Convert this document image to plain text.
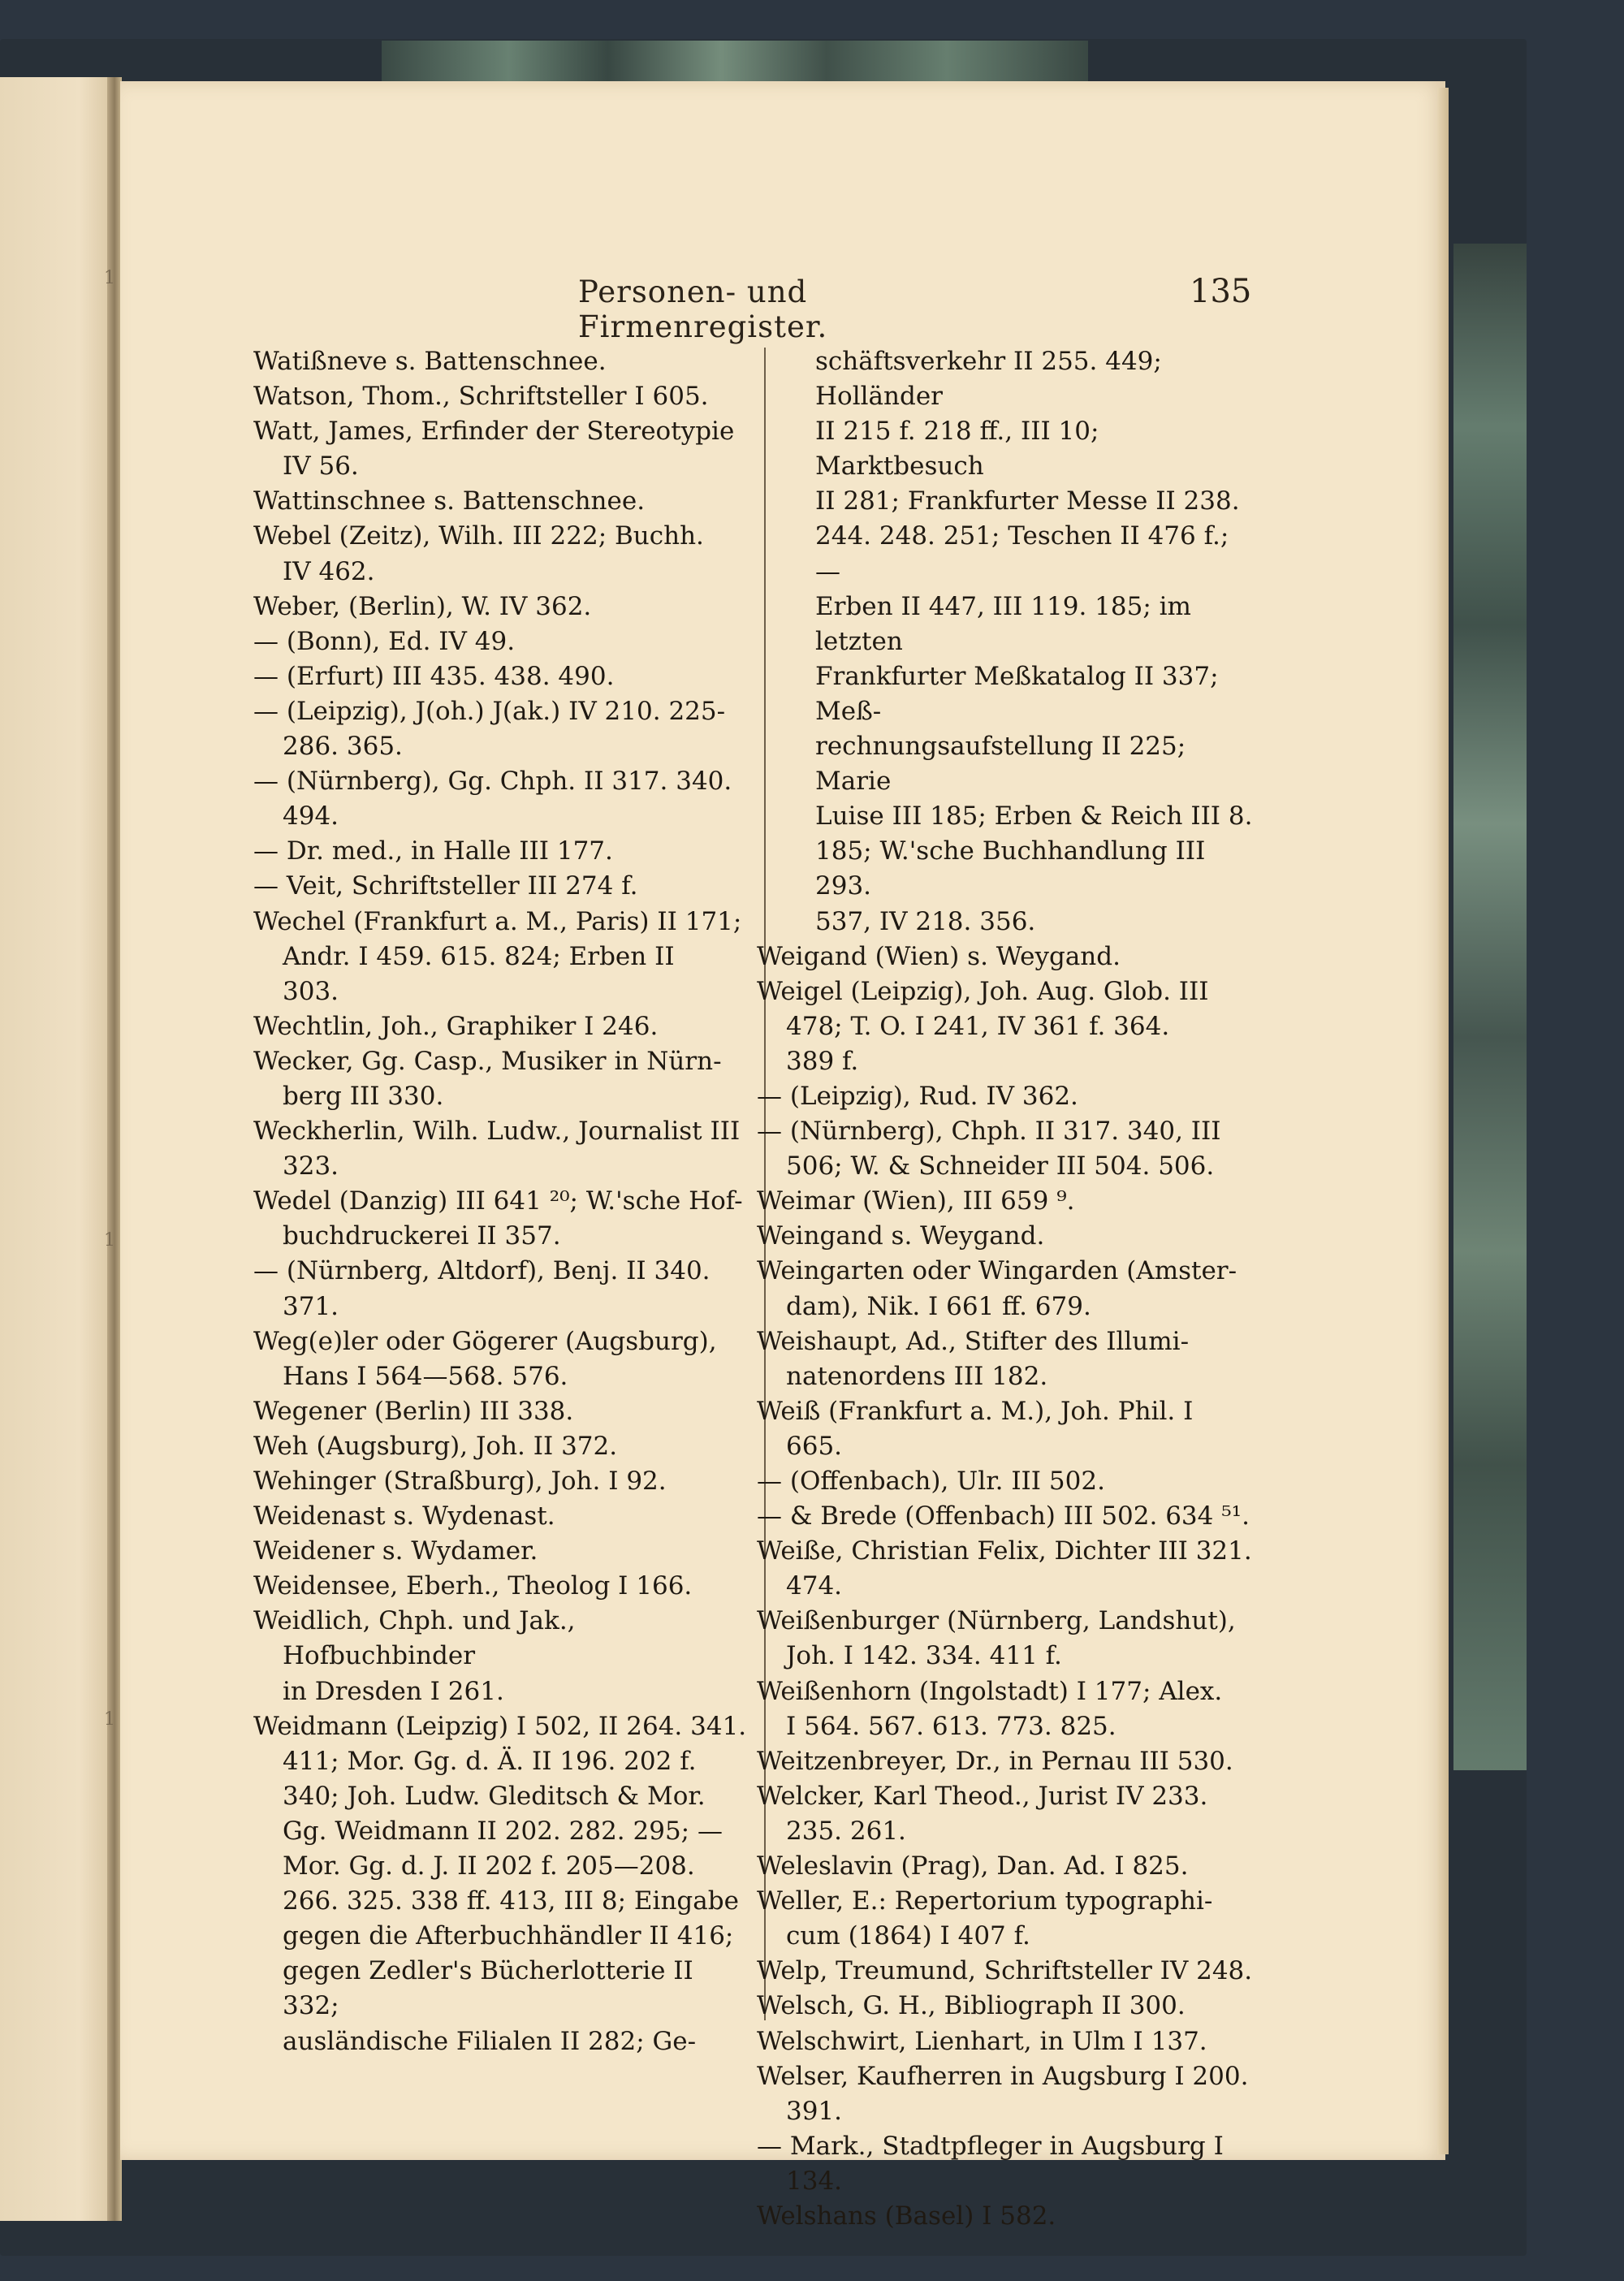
1
1
1
Personen- und Firmenregister.
135
Watißneve s. Battenschnee.
Watson, Thom., Schriftsteller I 605.
Watt, James, Erfinder der Stereotypie
IV 56.
Wattinschnee s. Battenschnee.
Webel (Zeitz), Wilh. III 222; Buchh.
IV 462.
Weber, (Berlin), W. IV 362.
— (Bonn), Ed. IV 49.
— (Erfurt) III 435. 438. 490.
— (Leipzig), J(oh.) J(ak.) IV 210. 225-
286. 365.
— (Nürnberg), Gg. Chph. II 317. 340.
494.
— Dr. med., in Halle III 177.
— Veit, Schriftsteller III 274 f.
Wechel (Frankfurt a. M., Paris) II 171;
Andr. I 459. 615. 824; Erben II
303.
Wechtlin, Joh., Graphiker I 246.
Wecker, Gg. Casp., Musiker in Nürn-
berg III 330.
Weckherlin, Wilh. Ludw., Journalist III
323.
Wedel (Danzig) III 641 ²⁰; W.'sche Hof-
buchdruckerei II 357.
— (Nürnberg, Altdorf), Benj. II 340.
371.
Weg(e)ler oder Gögerer (Augsburg),
Hans I 564—568. 576.
Wegener (Berlin) III 338.
Weh (Augsburg), Joh. II 372.
Wehinger (Straßburg), Joh. I 92.
Weidenast s. Wydenast.
Weidener s. Wydamer.
Weidensee, Eberh., Theolog I 166.
Weidlich, Chph. und Jak., Hofbuchbinder
in Dresden I 261.
Weidmann (Leipzig) I 502, II 264. 341.
411; Mor. Gg. d. Ä. II 196. 202 f.
340; Joh. Ludw. Gleditsch & Mor.
Gg. Weidmann II 202. 282. 295; —
Mor. Gg. d. J. II 202 f. 205—208.
266. 325. 338 ff. 413, III 8; Eingabe
gegen die Afterbuchhändler II 416;
gegen Zedler's Bücherlotterie II 332;
ausländische Filialen II 282; Ge-
schäftsverkehr II 255. 449; Holländer
II 215 f. 218 ff., III 10; Marktbesuch
II 281; Frankfurter Messe II 238.
244. 248. 251; Teschen II 476 f.; —
Erben II 447, III 119. 185; im letzten
Frankfurter Meßkatalog II 337; Meß-
rechnungsaufstellung II 225; Marie
Luise III 185; Erben & Reich III 8.
185; W.'sche Buchhandlung III 293.
537, IV 218. 356.
Weigand (Wien) s. Weygand.
Weigel (Leipzig), Joh. Aug. Glob. III
478; T. O. I 241, IV 361 f. 364.
389 f.
— (Leipzig), Rud. IV 362.
— (Nürnberg), Chph. II 317. 340, III
506; W. & Schneider III 504. 506.
Weimar (Wien), III 659 ⁹.
Weingand s. Weygand.
Weingarten oder Wingarden (Amster-
dam), Nik. I 661 ff. 679.
Weishaupt, Ad., Stifter des Illumi-
natenordens III 182.
Weiß (Frankfurt a. M.), Joh. Phil. I
665.
— (Offenbach), Ulr. III 502.
— & Brede (Offenbach) III 502. 634 ⁵¹.
Weiße, Christian Felix, Dichter III 321.
474.
Weißenburger (Nürnberg, Landshut),
Joh. I 142. 334. 411 f.
Weißenhorn (Ingolstadt) I 177; Alex.
I 564. 567. 613. 773. 825.
Weitzenbreyer, Dr., in Pernau III 530.
Welcker, Karl Theod., Jurist IV 233.
235. 261.
Weleslavin (Prag), Dan. Ad. I 825.
Weller, E.: Repertorium typographi-
cum (1864) I 407 f.
Welp, Treumund, Schriftsteller IV 248.
Welsch, G. H., Bibliograph II 300.
Welschwirt, Lienhart, in Ulm I 137.
Welser, Kaufherren in Augsburg I 200.
391.
— Mark., Stadtpfleger in Augsburg I
134.
Welshans (Basel) I 582.
